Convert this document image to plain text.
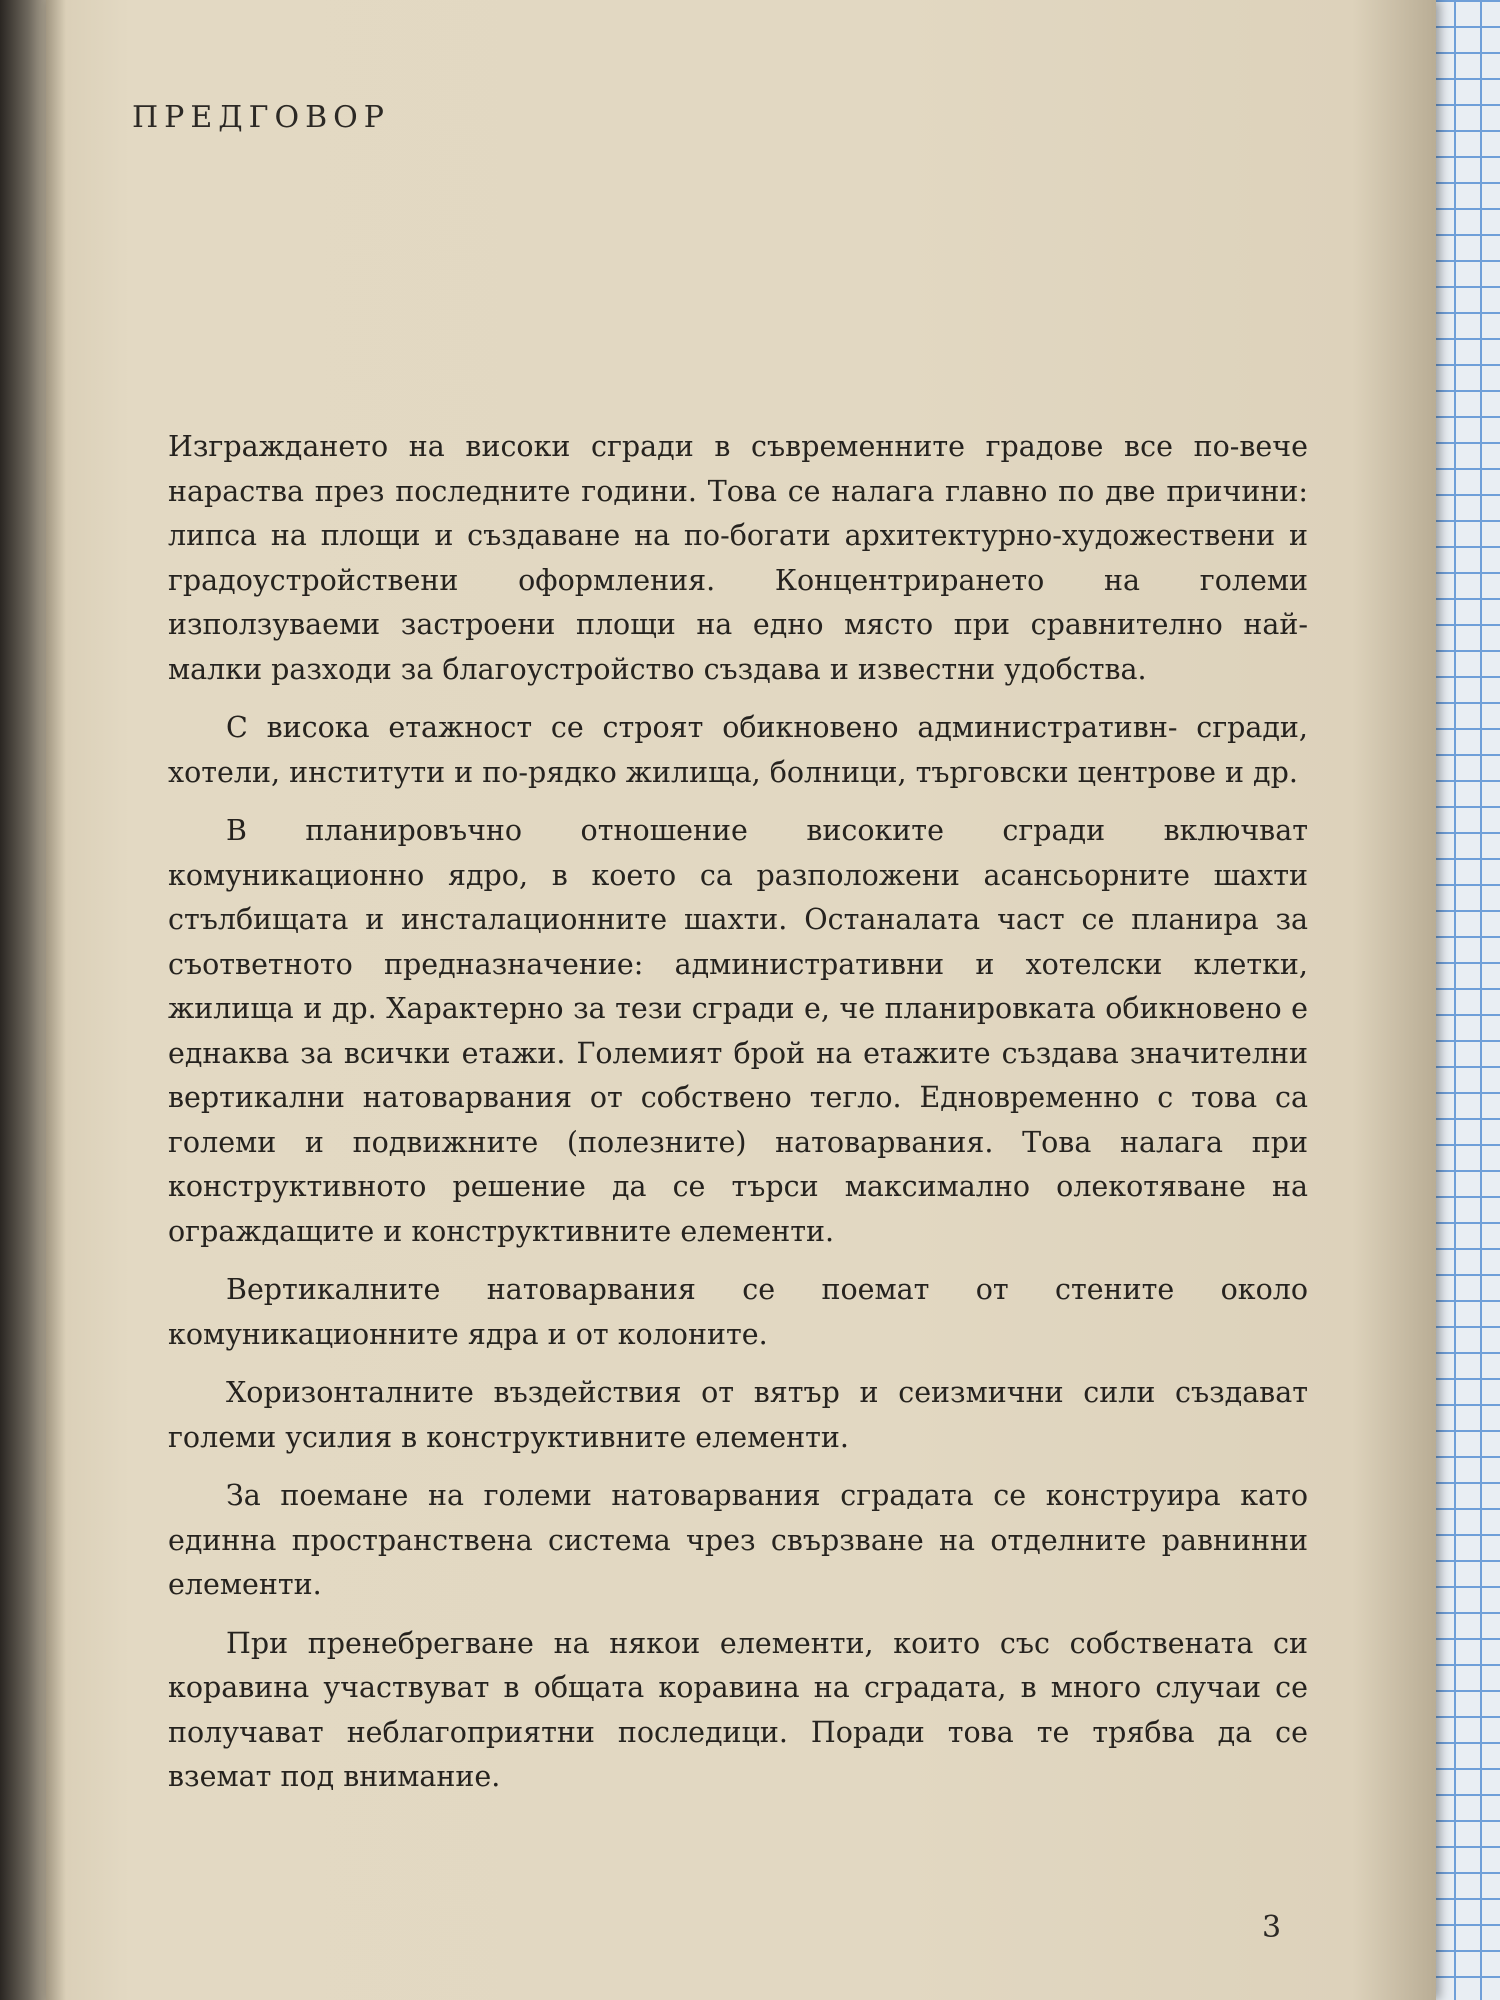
ПРЕДГОВОР

Изграждането на високи сгради в съвременните градове все по-вече нараства през последните години. Това се налага главно по две причини: липса на площи и създаване на по-богати архитектурно-художествени и градоустройствени оформления. Концентрирането на големи използуваеми застроени площи на едно място при сравнително най-малки разходи за благоустройство създава и известни удобства.

С висока етажност се строят обикновено административн- сгради, хотели, институти и по-рядко жилища, болници, търговски центрове и др.

В планировъчно отношение високите сгради включват комуникационно ядро, в което са разположени асансьорните шахти стълбищата и инсталационните шахти. Останалата част се планира за съответното предназначение: административни и хотелски клетки, жилища и др. Характерно за тези сгради е, че планировката обикновено е еднаква за всички етажи. Големият брой на етажите създава значителни вертикални натоварвания от собствено тегло. Едновременно с това са големи и подвижните (полезните) натоварвания. Това налага при конструктивното решение да се търси максимално олекотяване на ограждащите и конструктивните елементи.

Вертикалните натоварвания се поемат от стените около комуникационните ядра и от колоните.

Хоризонталните въздействия от вятър и сеизмични сили създават големи усилия в конструктивните елементи.

За поемане на големи натоварвания сградата се конструира като единна пространствена система чрез свързване на отделните равнинни елементи.

При пренебрегване на някои елементи, които със собствената си коравина участвуват в общата коравина на сградата, в много случаи се получават неблагоприятни последици. Поради това те трябва да се вземат под внимание.

3
